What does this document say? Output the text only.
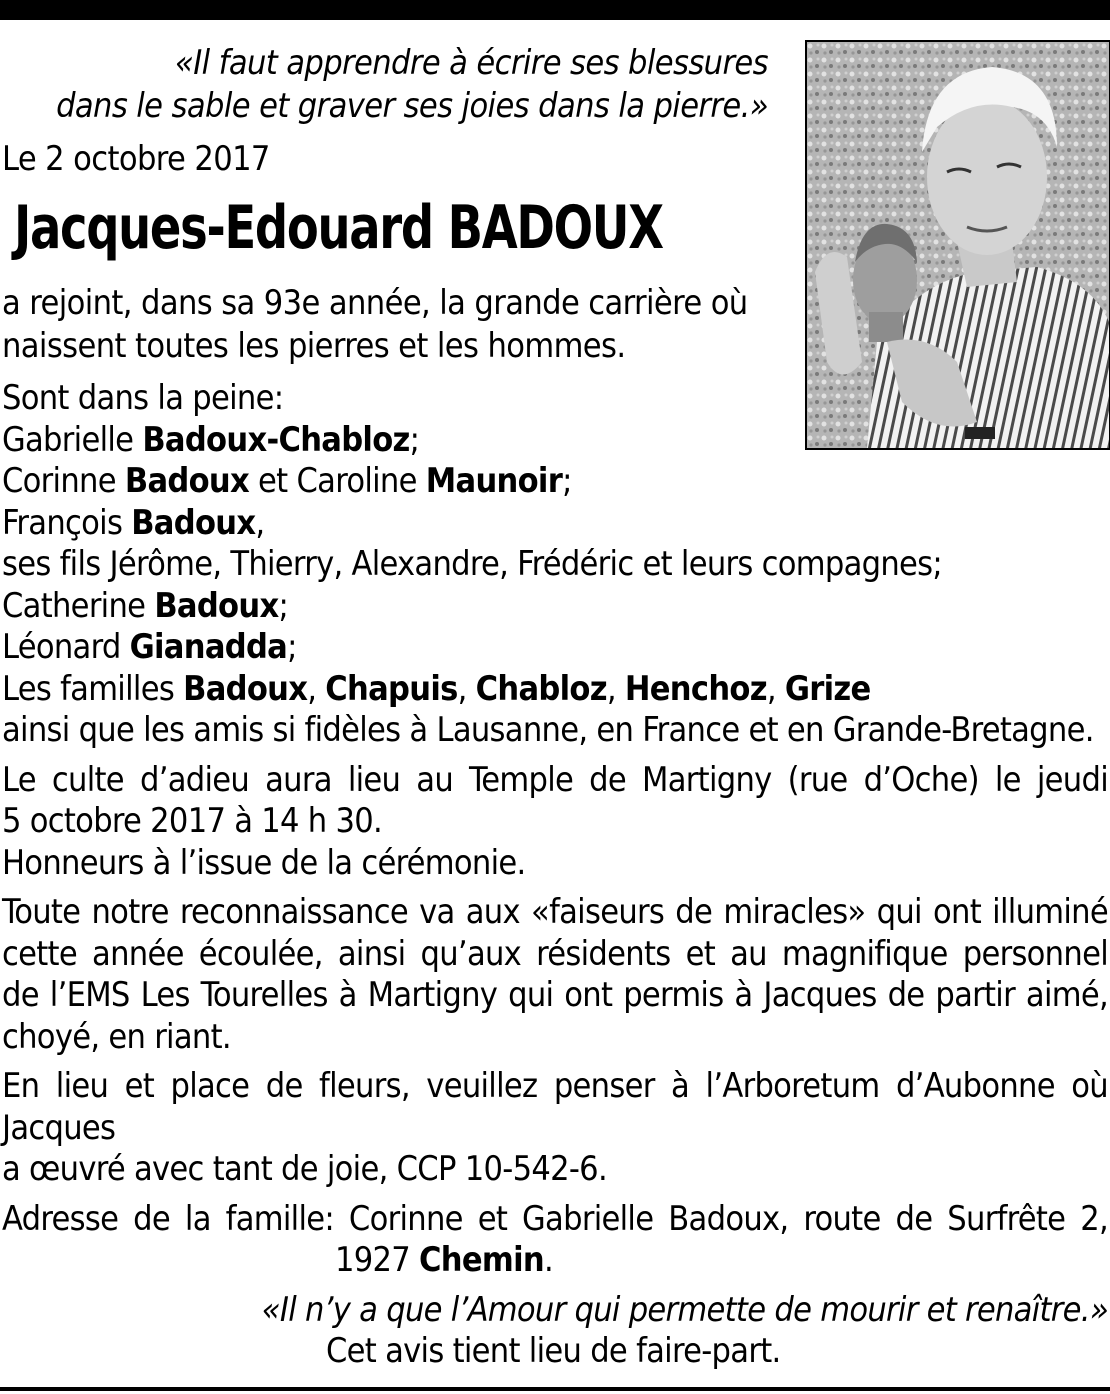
«Il faut apprendre à écrire ses blessures
dans le sable et graver ses joies dans la pierre.»
Le 2 octobre 2017
Jacques-Edouard BADOUX
a rejoint, dans sa 93e année, la grande carrière où
naissent toutes les pierres et les hommes.
Sont dans la peine:
Gabrielle Badoux-Chabloz;
Corinne Badoux et Caroline Maunoir;
François Badoux,
ses fils Jérôme, Thierry, Alexandre, Frédéric et leurs compagnes;
Catherine Badoux;
Léonard Gianadda;
Les familles Badoux, Chapuis, Chabloz, Henchoz, Grize
ainsi que les amis si fidèles à Lausanne, en France et en Grande-Bretagne.
Le culte d’adieu aura lieu au Temple de Martigny (rue d’Oche) le jeudi
5 octobre 2017 à 14 h 30.
Honneurs à l’issue de la cérémonie.
Toute notre reconnaissance va aux «faiseurs de miracles» qui ont illuminé
cette année écoulée, ainsi qu’aux résidents et au magnifique personnel
de l’EMS Les Tourelles à Martigny qui ont permis à Jacques de partir aimé,
choyé, en riant.
En lieu et place de fleurs, veuillez penser à l’Arboretum d’Aubonne où Jacques
a œuvré avec tant de joie, CCP 10-542-6.
Adresse de la famille: Corinne et Gabrielle Badoux, route de Surfrête 2,
1927 Chemin.
«Il n’y a que l’Amour qui permette de mourir et renaître.»
Cet avis tient lieu de faire-part.
